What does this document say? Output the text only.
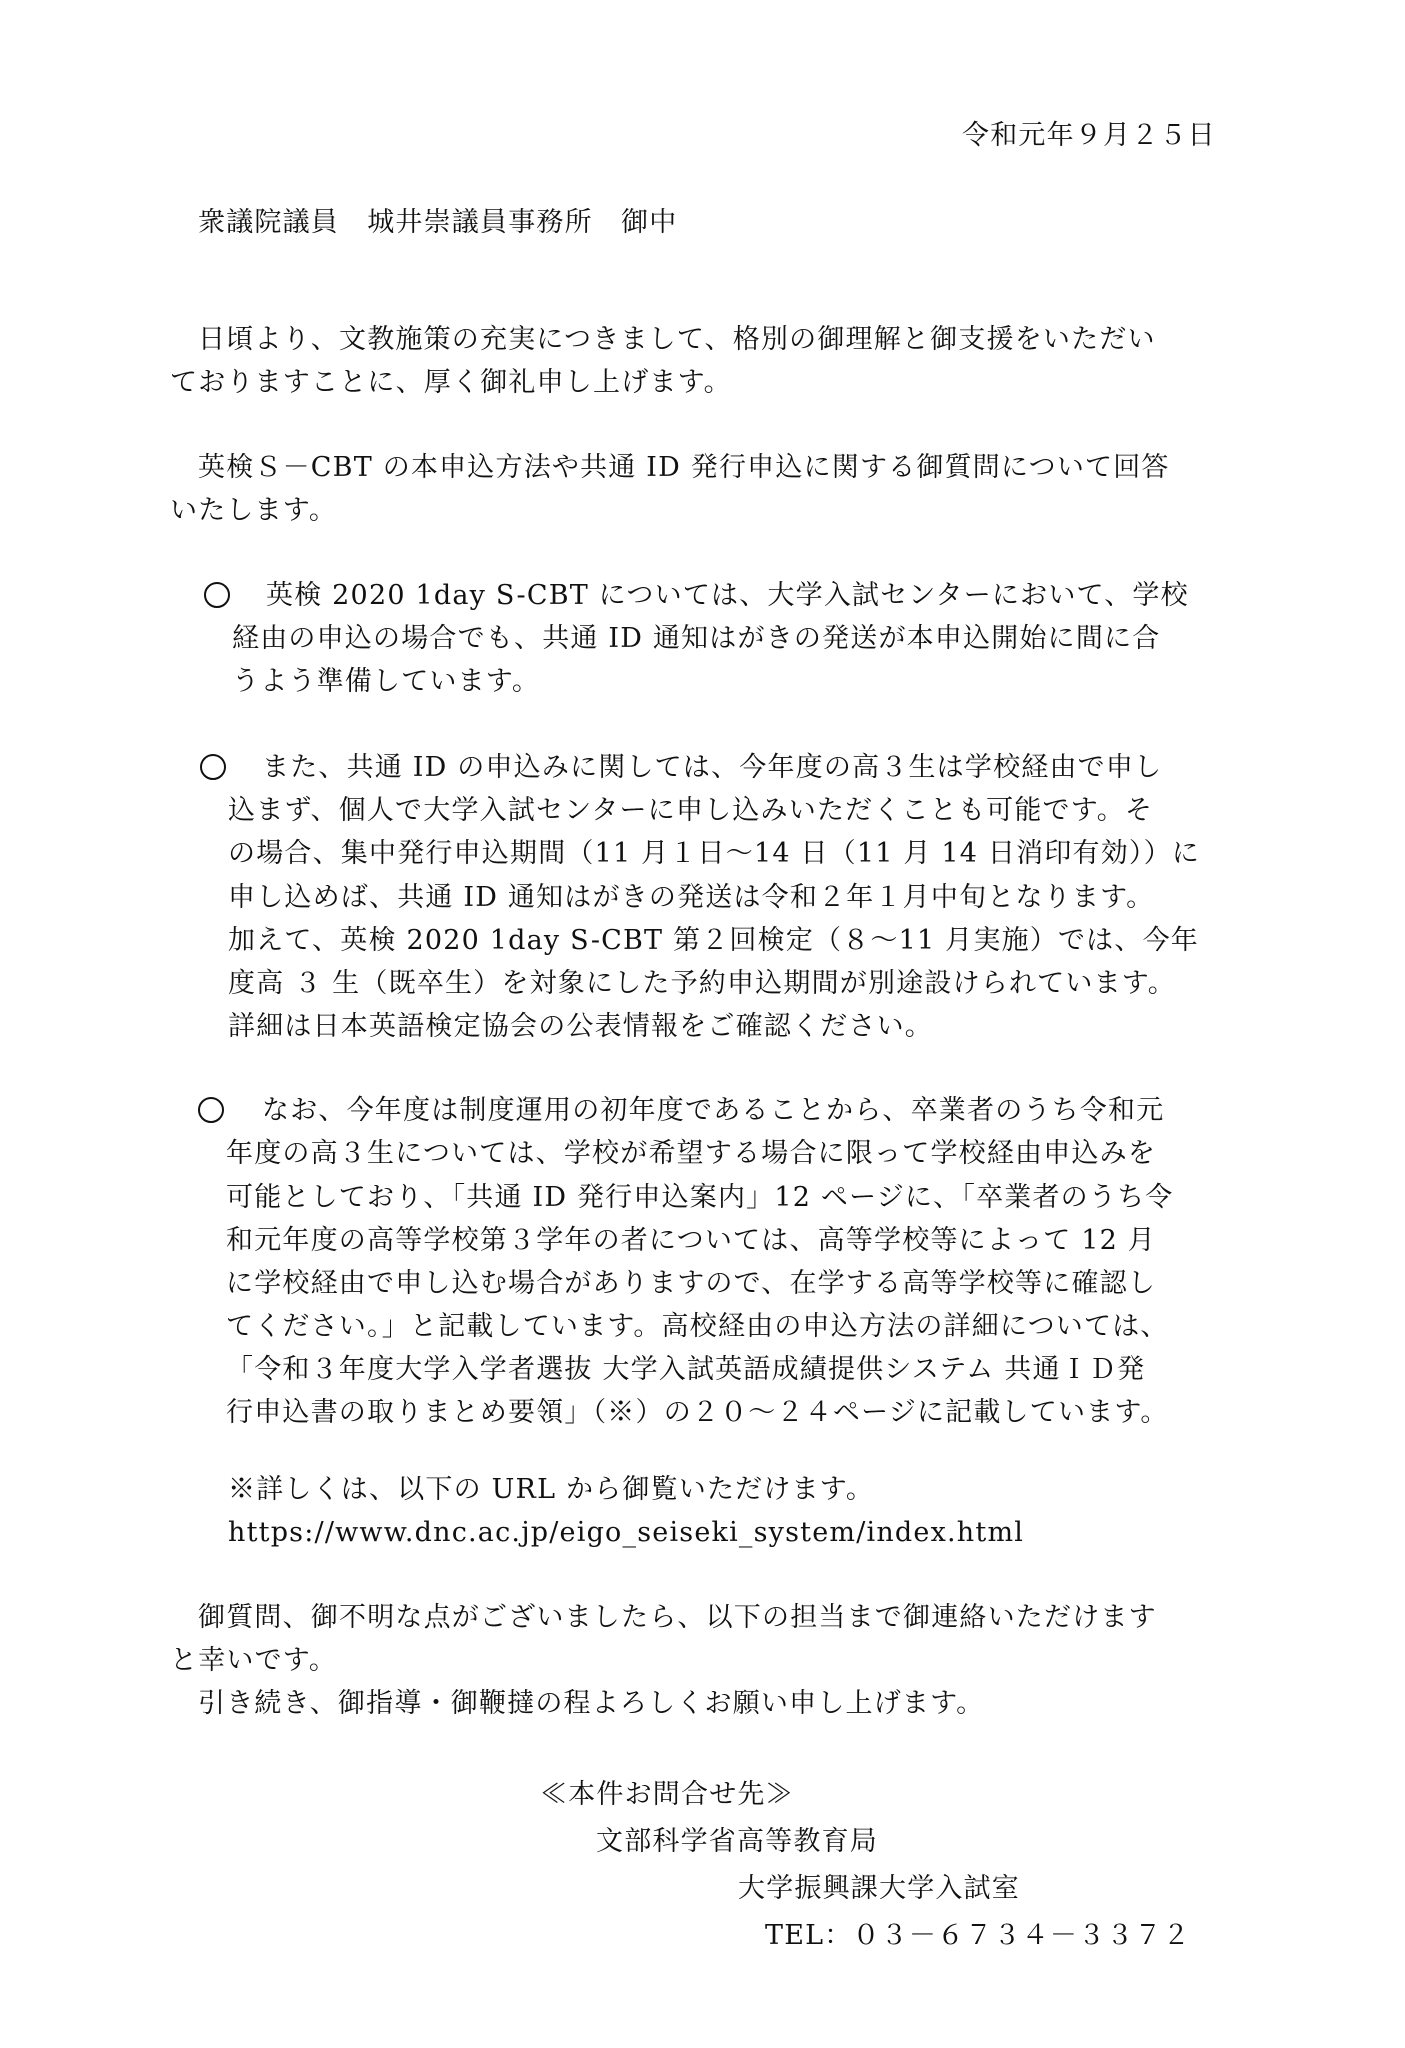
令和元年９月２５日
衆議院議員　城井崇議員事務所　御中
日頃より、文教施策の充実につきまして、格別の御理解と御支援をいただい
ておりますことに、厚く御礼申し上げます。
英検Ｓ－CBT の本申込方法や共通 ID 発行申込に関する御質問について回答
いたします。
英検 2020 1day S-CBT については、大学入試センターにおいて、学校
経由の申込の場合でも、共通 ID 通知はがきの発送が本申込開始に間に合
うよう準備しています。
また、共通 ID の申込みに関しては、今年度の高３生は学校経由で申し
込まず、個人で大学入試センターに申し込みいただくことも可能です。そ
の場合、集中発行申込期間（11 月１日～14 日（11 月 14 日消印有効））に
申し込めば、共通 ID 通知はがきの発送は令和２年１月中旬となります。
加えて、英検 2020 1day S-CBT 第２回検定（８～11 月実施）では、今年
度高 ３ 生（既卒生）を対象にした予約申込期間が別途設けられています。
詳細は日本英語検定協会の公表情報をご確認ください。
なお、今年度は制度運用の初年度であることから、卒業者のうち令和元
年度の高３生については、学校が希望する場合に限って学校経由申込みを
可能としており、「共通 ID 発行申込案内」12 ページに、「卒業者のうち令
和元年度の高等学校第３学年の者については、高等学校等によって 12 月
に学校経由で申し込む場合がありますので、在学する高等学校等に確認し
てください。」と記載しています。高校経由の申込方法の詳細については、
「令和３年度大学入学者選抜 大学入試英語成績提供システム 共通ＩＤ発
行申込書の取りまとめ要領」（※）の２０～２４ページに記載しています。
※詳しくは、以下の URL から御覧いただけます。
https://www.dnc.ac.jp/eigo_seiseki_system/index.html
御質問、御不明な点がございましたら、以下の担当まで御連絡いただけます
と幸いです。
引き続き、御指導・御鞭撻の程よろしくお願い申し上げます。
≪本件お問合せ先≫
文部科学省高等教育局
大学振興課大学入試室
TEL：０３－６７３４－３３７２
